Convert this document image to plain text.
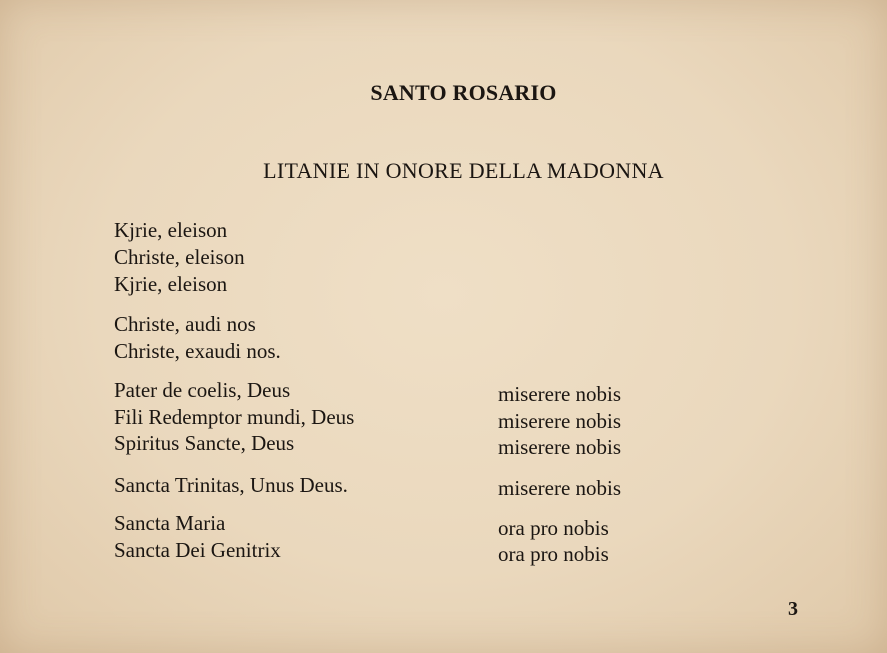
SANTO ROSARIO
LITANIE IN ONORE DELLA MADONNA
Kjrie, eleison
Christe, eleison
Kjrie, eleison
Christe, audi nos
Christe, exaudi nos.
Pater de coelis, Deus	miserere nobis
Fili Redemptor mundi, Deus	miserere nobis
Spiritus Sancte, Deus	miserere nobis
Sancta Trinitas, Unus Deus.	miserere nobis
Sancta Maria	ora pro nobis
Sancta Dei Genitrix	ora pro nobis
3
